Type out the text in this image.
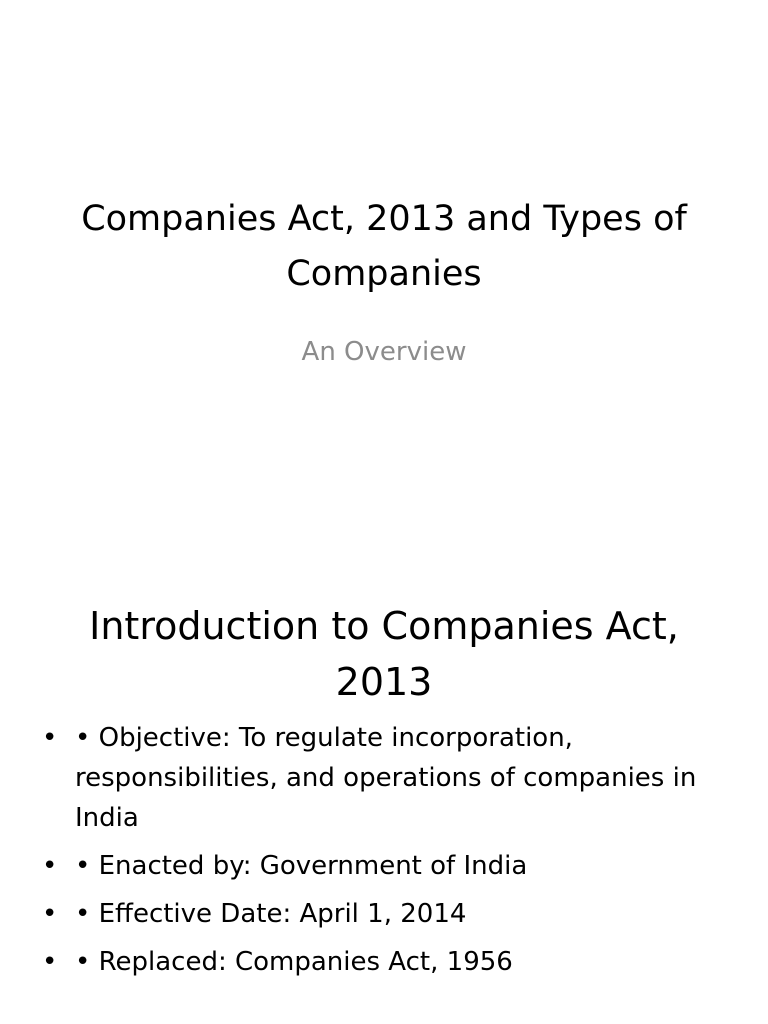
Companies Act, 2013 and Types of Companies

An Overview

Introduction to Companies Act, 2013
• • Objective: To regulate incorporation, responsibilities, and operations of companies in India
• • Enacted by: Government of India
• • Effective Date: April 1, 2014
• • Replaced: Companies Act, 1956
